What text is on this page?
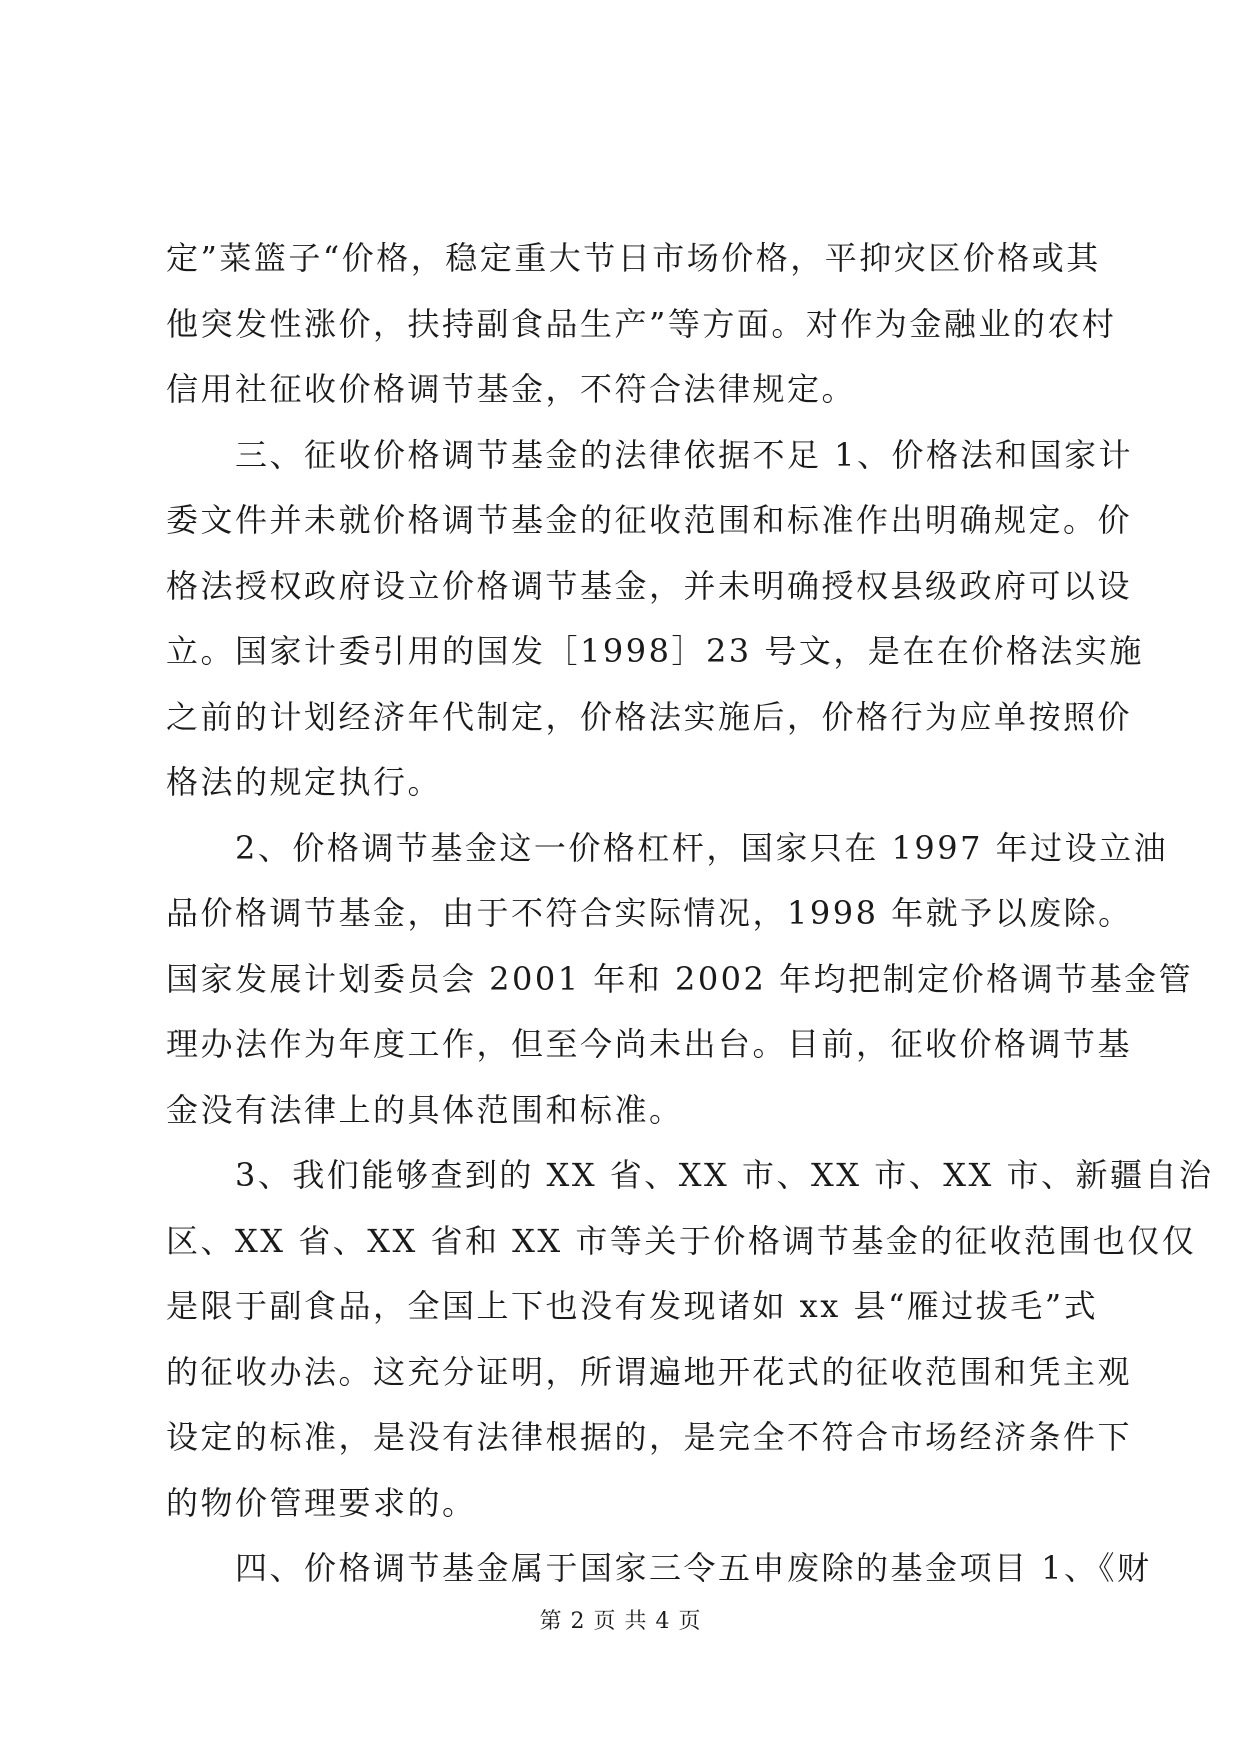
定”菜篮子“价格，稳定重大节日市场价格，平抑灾区价格或其
他突发性涨价，扶持副食品生产”等方面。对作为金融业的农村
信用社征收价格调节基金，不符合法律规定。

　　三、征收价格调节基金的法律依据不足 1、价格法和国家计
委文件并未就价格调节基金的征收范围和标准作出明确规定。价
格法授权政府设立价格调节基金，并未明确授权县级政府可以设
立。国家计委引用的国发［1998］23 号文，是在在价格法实施
之前的计划经济年代制定，价格法实施后，价格行为应单按照价
格法的规定执行。

　　2、价格调节基金这一价格杠杆，国家只在 1997 年过设立油
品价格调节基金，由于不符合实际情况，1998 年就予以废除。
国家发展计划委员会 2001 年和 2002 年均把制定价格调节基金管
理办法作为年度工作，但至今尚未出台。目前，征收价格调节基
金没有法律上的具体范围和标准。

　　3、我们能够查到的 XX 省、XX 市、XX 市、XX 市、新疆自治
区、XX 省、XX 省和 XX 市等关于价格调节基金的征收范围也仅仅
是限于副食品，全国上下也没有发现诸如 xx 县“雁过拔毛”式
的征收办法。这充分证明，所谓遍地开花式的征收范围和凭主观
设定的标准，是没有法律根据的，是完全不符合市场经济条件下
的物价管理要求的。

　　四、价格调节基金属于国家三令五申废除的基金项目 1、《财

第 2 页 共 4 页
